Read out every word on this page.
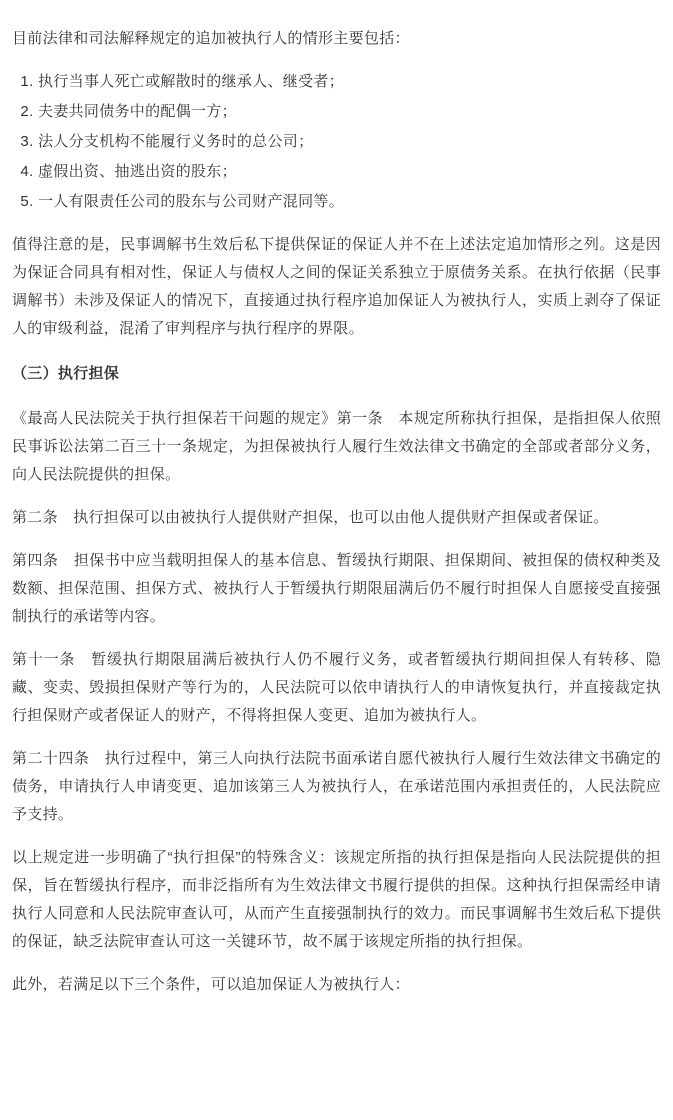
目前法律和司法解释规定的追加被执行人的情形主要包括：

1. 执行当事人死亡或解散时的继承人、继受者；
2. 夫妻共同债务中的配偶一方；
3. 法人分支机构不能履行义务时的总公司；
4. 虚假出资、抽逃出资的股东；
5. 一人有限责任公司的股东与公司财产混同等。

值得注意的是，民事调解书生效后私下提供保证的保证人并不在上述法定追加情形之列。这是因为保证合同具有相对性，保证人与债权人之间的保证关系独立于原债务关系。在执行依据（民事调解书）未涉及保证人的情况下，直接通过执行程序追加保证人为被执行人，实质上剥夺了保证人的审级利益，混淆了审判程序与执行程序的界限。

（三）执行担保

《最高人民法院关于执行担保若干问题的规定》第一条　本规定所称执行担保，是指担保人依照民事诉讼法第二百三十一条规定，为担保被执行人履行生效法律文书确定的全部或者部分义务，向人民法院提供的担保。

第二条　执行担保可以由被执行人提供财产担保，也可以由他人提供财产担保或者保证。

第四条　担保书中应当载明担保人的基本信息、暂缓执行期限、担保期间、被担保的债权种类及数额、担保范围、担保方式、被执行人于暂缓执行期限届满后仍不履行时担保人自愿接受直接强制执行的承诺等内容。

第十一条　暂缓执行期限届满后被执行人仍不履行义务，或者暂缓执行期间担保人有转移、隐藏、变卖、毁损担保财产等行为的，人民法院可以依申请执行人的申请恢复执行，并直接裁定执行担保财产或者保证人的财产，不得将担保人变更、追加为被执行人。

第二十四条　执行过程中，第三人向执行法院书面承诺自愿代被执行人履行生效法律文书确定的债务，申请执行人申请变更、追加该第三人为被执行人，在承诺范围内承担责任的，人民法院应予支持。

以上规定进一步明确了“执行担保”的特殊含义：该规定所指的执行担保是指向人民法院提供的担保，旨在暂缓执行程序，而非泛指所有为生效法律文书履行提供的担保。这种执行担保需经申请执行人同意和人民法院审查认可，从而产生直接强制执行的效力。而民事调解书生效后私下提供的保证，缺乏法院审查认可这一关键环节，故不属于该规定所指的执行担保。

此外，若满足以下三个条件，可以追加保证人为被执行人：
